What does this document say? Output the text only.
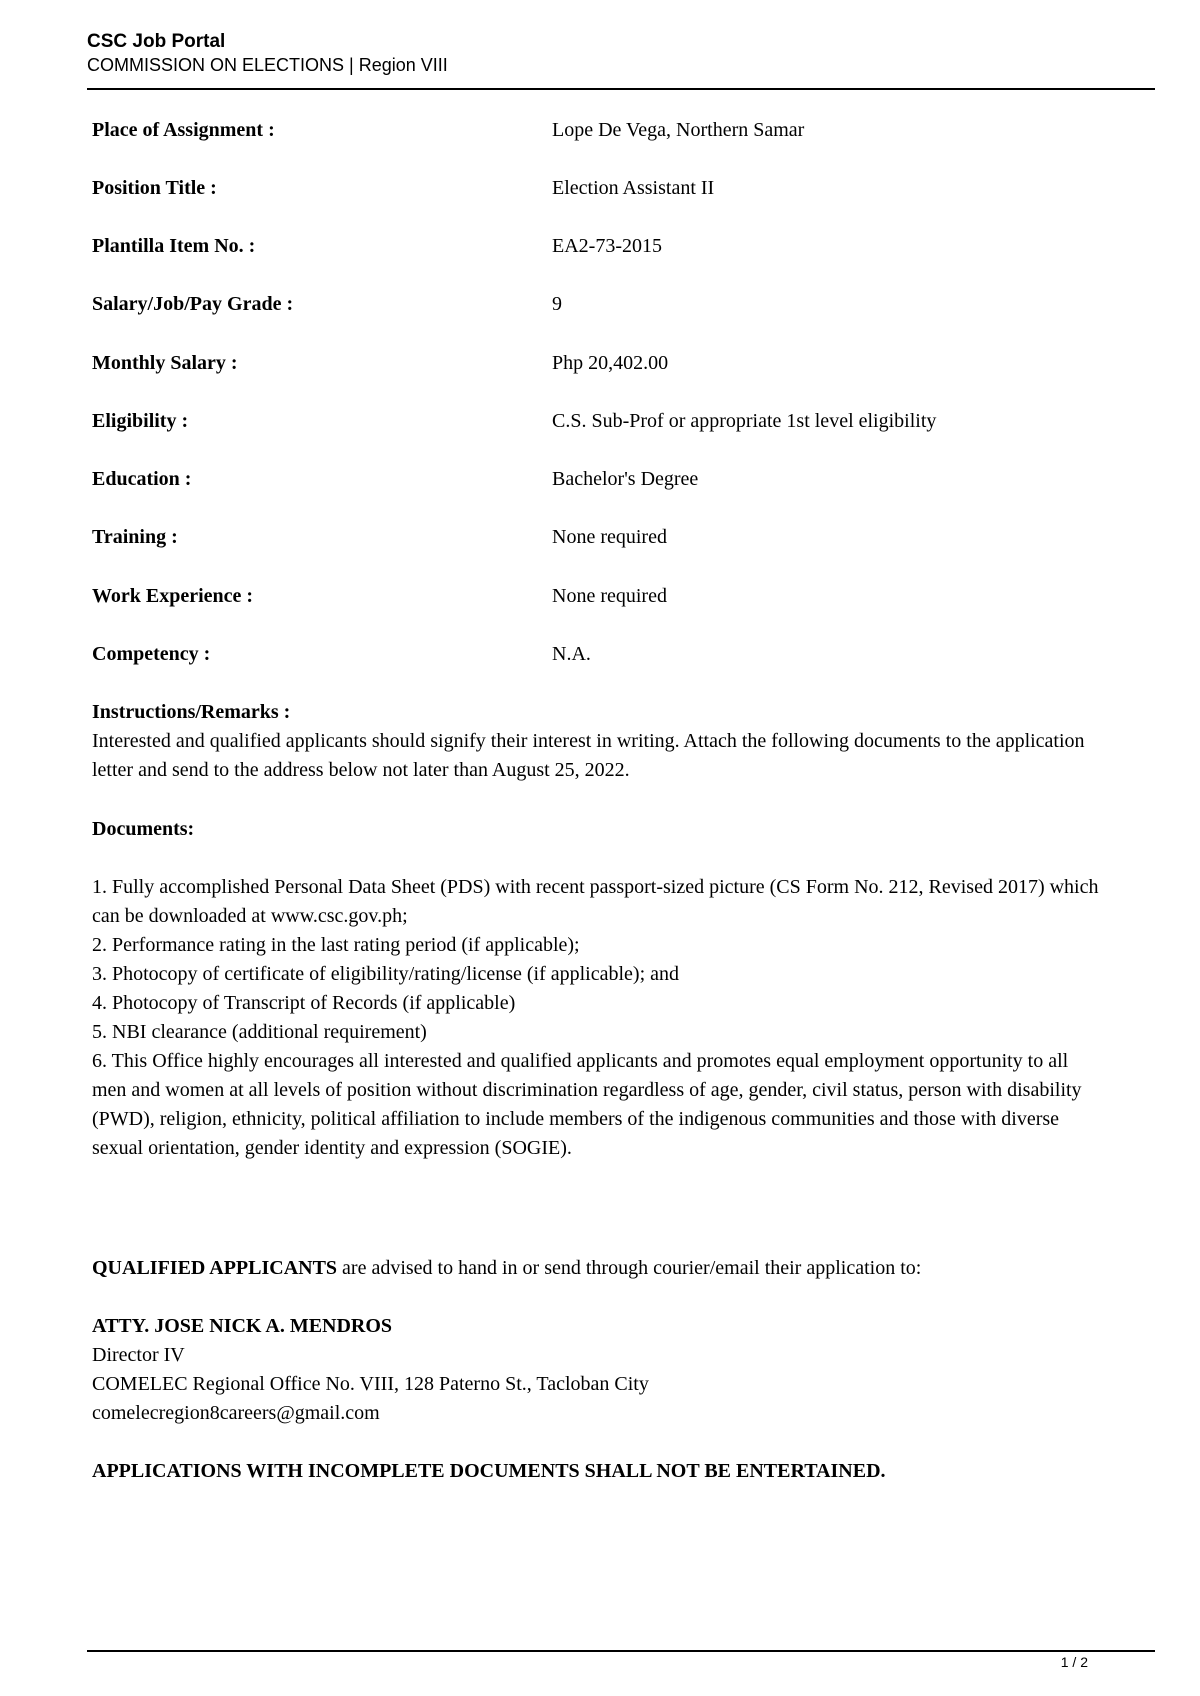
CSC Job Portal
COMMISSION ON ELECTIONS | Region VIII
Place of Assignment :	Lope De Vega, Northern Samar
Position Title :	Election Assistant II
Plantilla Item No. :	EA2-73-2015
Salary/Job/Pay Grade :	9
Monthly Salary :	Php 20,402.00
Eligibility :	C.S. Sub-Prof or appropriate 1st level eligibility
Education :	Bachelor's Degree
Training :	None required
Work Experience :	None required
Competency :	N.A.
Instructions/Remarks :
Interested and qualified applicants should signify their interest in writing. Attach the following documents to the application letter and send to the address below not later than August 25, 2022.
Documents:
1. Fully accomplished Personal Data Sheet (PDS) with recent passport-sized picture (CS Form No. 212, Revised 2017) which can be downloaded at www.csc.gov.ph;
2. Performance rating in the last rating period (if applicable);
3. Photocopy of certificate of eligibility/rating/license (if applicable); and
4. Photocopy of Transcript of Records (if applicable)
5. NBI clearance (additional requirement)
6. This Office highly encourages all interested and qualified applicants and promotes equal employment opportunity to all men and women at all levels of position without discrimination regardless of age, gender, civil status, person with disability (PWD), religion, ethnicity, political affiliation to include members of the indigenous communities and those with diverse sexual orientation, gender identity and expression (SOGIE).
QUALIFIED APPLICANTS are advised to hand in or send through courier/email their application to:
ATTY. JOSE NICK A. MENDROS
Director IV
COMELEC Regional Office No. VIII, 128 Paterno St., Tacloban City
comelecregion8careers@gmail.com
APPLICATIONS WITH INCOMPLETE DOCUMENTS SHALL NOT BE ENTERTAINED.
1 / 2
